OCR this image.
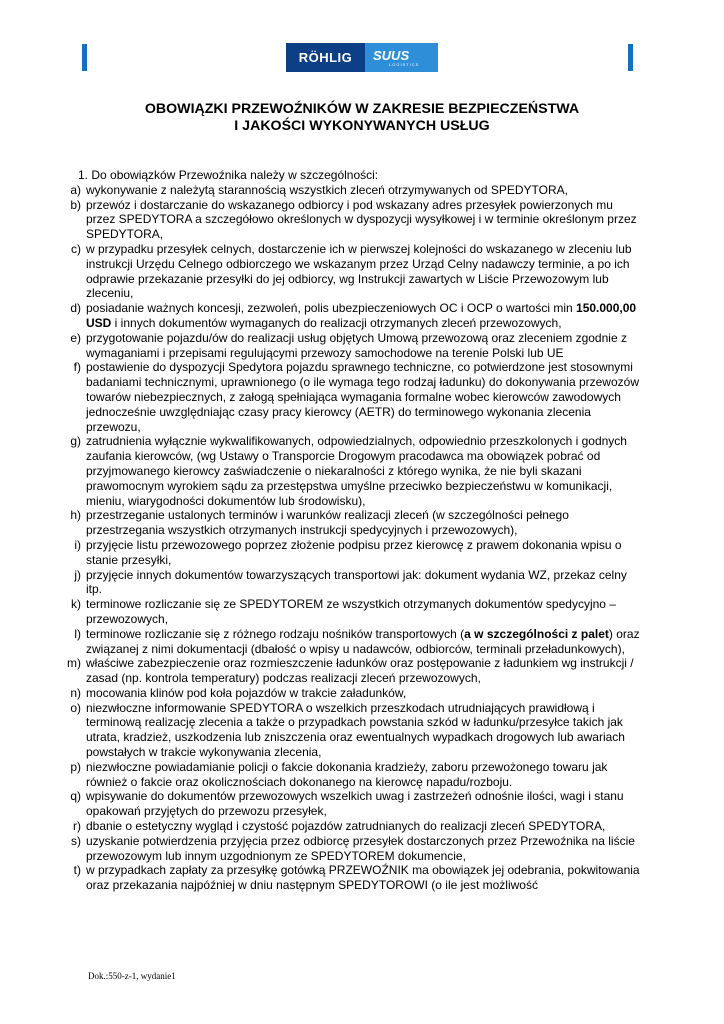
RÖHLIG	SUUS
LOGISTICS
OBOWIĄZKI PRZEWOŹNIKÓW W ZAKRESIE BEZPIECZEŃSTWA
I JAKOŚCI WYKONYWANYCH USŁUG
1. Do obowiązków Przewoźnika należy w szczególności:
a) wykonywanie z należytą starannością wszystkich zleceń otrzymywanych od SPEDYTORA,
b) przewóz i dostarczanie do wskazanego odbiorcy i pod wskazany adres przesyłek powierzonych mu przez SPEDYTORA a szczegółowo określonych w dyspozycji wysyłkowej i w terminie określonym przez SPEDYTORA,
c) w przypadku przesyłek celnych, dostarczenie ich w pierwszej kolejności do wskazanego w zleceniu lub instrukcji Urzędu Celnego odbiorczego we wskazanym przez Urząd Celny nadawczy terminie, a po ich odprawie przekazanie przesyłki do jej odbiorcy, wg Instrukcji zawartych w Liście Przewozowym lub zleceniu,
d) posiadanie ważnych koncesji, zezwoleń, polis ubezpieczeniowych OC i OCP o wartości min 150.000,00 USD i innych dokumentów wymaganych do realizacji otrzymanych zleceń przewozowych,
e) przygotowanie pojazdu/ów do realizacji usług objętych Umową przewozową oraz zleceniem zgodnie z wymaganiami i przepisami regulującymi przewozy samochodowe na terenie Polski lub UE
f) postawienie do dyspozycji Spedytora pojazdu sprawnego techniczne, co potwierdzone jest stosownymi badaniami technicznymi, uprawnionego (o ile wymaga tego rodzaj ładunku) do dokonywania przewozów towarów niebezpiecznych, z załogą spełniająca wymagania formalne wobec kierowców zawodowych jednocześnie uwzględniając czasy pracy kierowcy (AETR) do terminowego wykonania zlecenia przewozu,
g) zatrudnienia wyłącznie wykwalifikowanych, odpowiedzialnych, odpowiednio przeszkolonych i godnych zaufania kierowców, (wg Ustawy o Transporcie Drogowym pracodawca ma obowiązek pobrać od przyjmowanego kierowcy zaświadczenie o niekaralności z którego wynika, że nie byli skazani prawomocnym wyrokiem sądu za przestępstwa umyślne przeciwko bezpieczeństwu w komunikacji, mieniu, wiarygodności dokumentów lub środowisku),
h) przestrzeganie ustalonych terminów i warunków realizacji zleceń (w szczególności pełnego przestrzegania wszystkich otrzymanych instrukcji spedycyjnych i przewozowych),
i) przyjęcie listu przewozowego poprzez złożenie podpisu przez kierowcę z prawem dokonania wpisu o stanie przesyłki,
j) przyjęcie innych dokumentów towarzyszących transportowi jak: dokument wydania WZ, przekaz celny itp.
k) terminowe rozliczanie się ze SPEDYTOREM ze wszystkich otrzymanych dokumentów spedycyjno – przewozowych,
l) terminowe rozliczanie się z różnego rodzaju nośników transportowych (a w szczególności z palet) oraz związanej z nimi dokumentacji (dbałość o wpisy u nadawców, odbiorców, terminali przeładunkowych),
m) właściwe zabezpieczenie oraz rozmieszczenie ładunków oraz postępowanie z ładunkiem wg instrukcji / zasad (np. kontrola temperatury) podczas realizacji zleceń przewozowych,
n) mocowania klinów pod koła pojazdów w trakcie załadunków,
o) niezwłoczne informowanie SPEDYTORA o wszelkich przeszkodach utrudniających prawidłową i terminową realizację zlecenia a także o przypadkach powstania szkód w ładunku/przesyłce takich jak utrata, kradzież, uszkodzenia lub zniszczenia oraz ewentualnych wypadkach drogowych lub awariach powstałych w trakcie wykonywania zlecenia,
p) niezwłoczne powiadamianie policji o fakcie dokonania kradzieży, zaboru przewożonego towaru jak również o fakcie oraz okolicznościach dokonanego na kierowcę napadu/rozboju.
q) wpisywanie do dokumentów przewozowych wszelkich uwag i zastrzeżeń odnośnie ilości, wagi i stanu opakowań przyjętych do przewozu przesyłek,
r) dbanie o estetyczny wygląd i czystość pojazdów zatrudnianych do realizacji zleceń SPEDYTORA,
s) uzyskanie potwierdzenia przyjęcia przez odbiorcę przesyłek dostarczonych przez Przewoźnika na liście przewozowym lub innym uzgodnionym ze SPEDYTOREM dokumencie,
t) w przypadkach zapłaty za przesyłkę gotówką PRZEWOŹNIK ma obowiązek jej odebrania, pokwitowania oraz przekazania najpóźniej w dniu następnym SPEDYTOROWI (o ile jest możliwość
Dok.:550-z-1, wydanie1
